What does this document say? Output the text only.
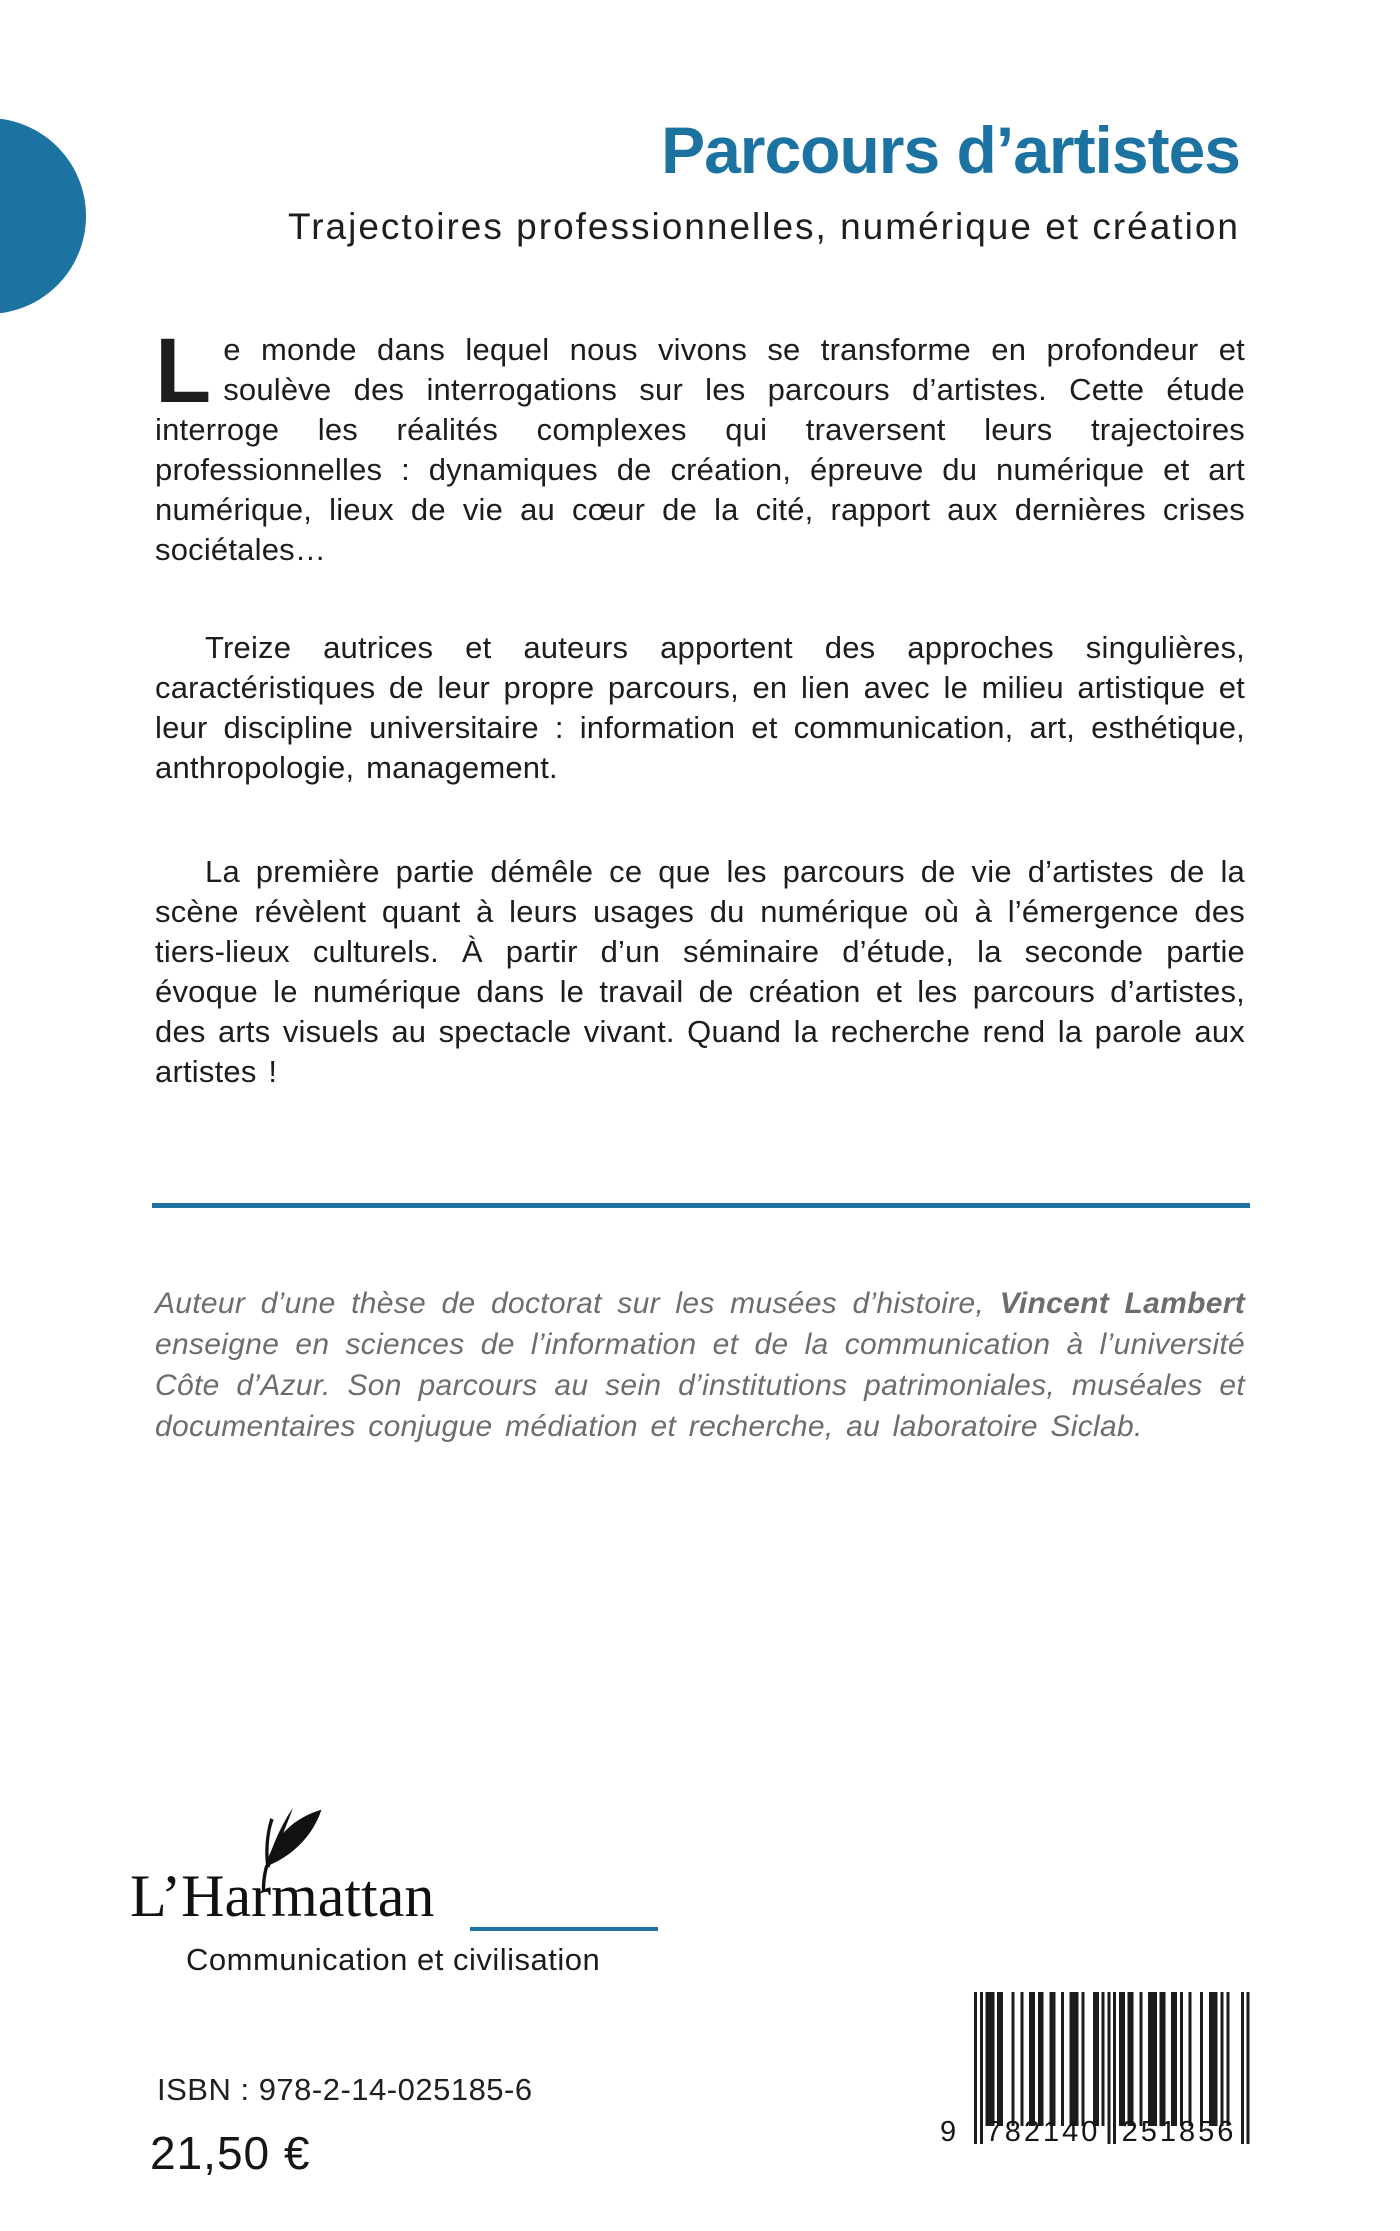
Parcours d’artistes
Trajectoires professionnelles, numérique et création

Le monde dans lequel nous vivons se transforme en profondeur et soulève des interrogations sur les parcours d’artistes. Cette étude interroge les réalités complexes qui traversent leurs trajectoires professionnelles : dynamiques de création, épreuve du numérique et art numérique, lieux de vie au cœur de la cité, rapport aux dernières crises sociétales…

Treize autrices et auteurs apportent des approches singulières, caractéristiques de leur propre parcours, en lien avec le milieu artistique et leur discipline universitaire : information et communication, art, esthétique, anthropologie, management.

La première partie démêle ce que les parcours de vie d’artistes de la scène révèlent quant à leurs usages du numérique où à l’émergence des tiers-lieux culturels. À partir d’un séminaire d’étude, la seconde partie évoque le numérique dans le travail de création et les parcours d’artistes, des arts visuels au spectacle vivant. Quand la recherche rend la parole aux artistes !

Auteur d’une thèse de doctorat sur les musées d’histoire, Vincent Lambert enseigne en sciences de l’information et de la communication à l’université Côte d’Azur. Son parcours au sein d’institutions patrimoniales, muséales et documentaires conjugue médiation et recherche, au laboratoire Siclab.

L’Harmattan
Communication et civilisation
ISBN : 978-2-14-025185-6
21,50 €	9 782140 251856
